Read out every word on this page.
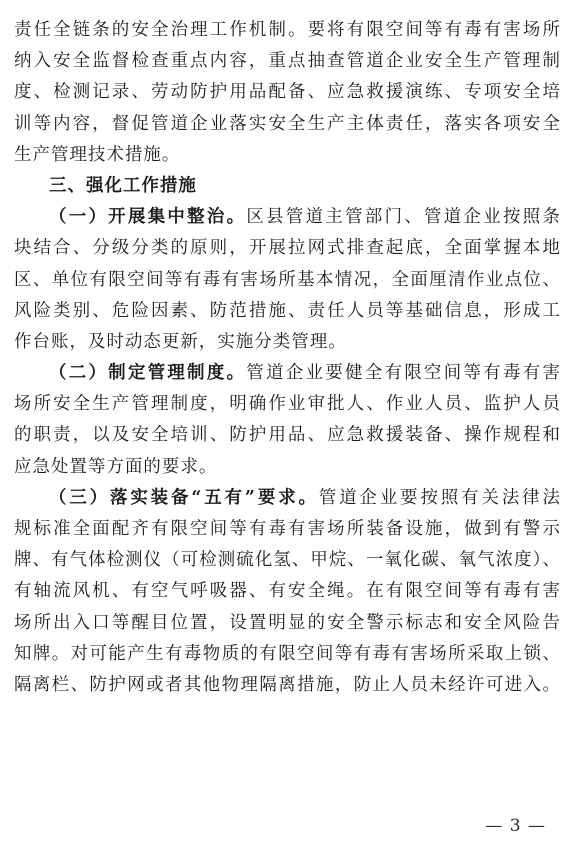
责任全链条的安全治理工作机制。要将有限空间等有毒有害场所
纳入安全监督检查重点内容，重点抽查管道企业安全生产管理制
度、检测记录、劳动防护用品配备、应急救援演练、专项安全培
训等内容，督促管道企业落实安全生产主体责任，落实各项安全
生产管理技术措施。
三、强化工作措施
（一）开展集中整治。区县管道主管部门、管道企业按照条
块结合、分级分类的原则，开展拉网式排查起底，全面掌握本地
区、单位有限空间等有毒有害场所基本情况，全面厘清作业点位、
风险类别、危险因素、防范措施、责任人员等基础信息，形成工
作台账，及时动态更新，实施分类管理。
（二）制定管理制度。管道企业要健全有限空间等有毒有害
场所安全生产管理制度，明确作业审批人、作业人员、监护人员
的职责，以及安全培训、防护用品、应急救援装备、操作规程和
应急处置等方面的要求。
（三）落实装备“五有”要求。管道企业要按照有关法律法
规标准全面配齐有限空间等有毒有害场所装备设施，做到有警示
牌、有气体检测仪（可检测硫化氢、甲烷、一氧化碳、氧气浓度）、
有轴流风机、有空气呼吸器、有安全绳。在有限空间等有毒有害
场所出入口等醒目位置，设置明显的安全警示标志和安全风险告
知牌。对可能产生有毒物质的有限空间等有毒有害场所采取上锁、
隔离栏、防护网或者其他物理隔离措施，防止人员未经许可进入。
— 3 —
